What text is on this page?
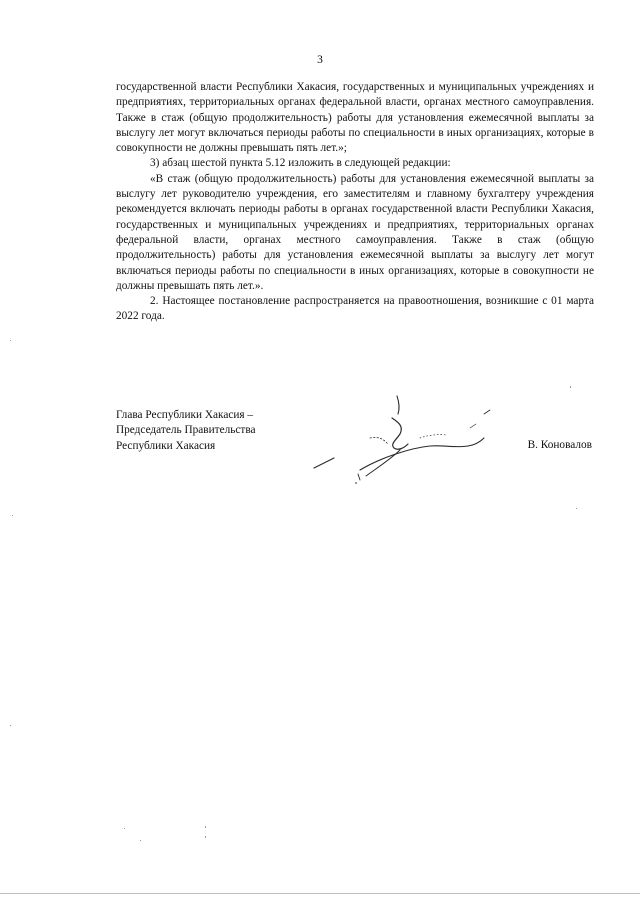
3

государственной власти Республики Хакасия, государственных и муниципальных учреждениях и предприятиях, территориальных органах федеральной власти, органах местного самоуправления. Также в стаж (общую продолжительность) работы для установления ежемесячной выплаты за выслугу лет могут включаться периоды работы по специальности в иных организациях, которые в совокупности не должны превышать пять лет.»;

3) абзац шестой пункта 5.12 изложить в следующей редакции:

«В стаж (общую продолжительность) работы для установления ежемесячной выплаты за выслугу лет руководителю учреждения, его заместителям и главному бухгалтеру учреждения рекомендуется включать периоды работы в органах государственной власти Республики Хакасия, государственных и муниципальных учреждениях и предприятиях, территориальных органах федеральной власти, органах местного самоуправления. Также в стаж (общую продолжительность) работы для установления ежемесячной выплаты за выслугу лет могут включаться периоды работы по специальности в иных организациях, которые в совокупности не должны превышать пять лет.».

2. Настоящее постановление распространяется на правоотношения, возникшие с 01 марта 2022 года.

Глава Республики Хакасия –
Председатель Правительства
Республики Хакасия	В. Коновалов
